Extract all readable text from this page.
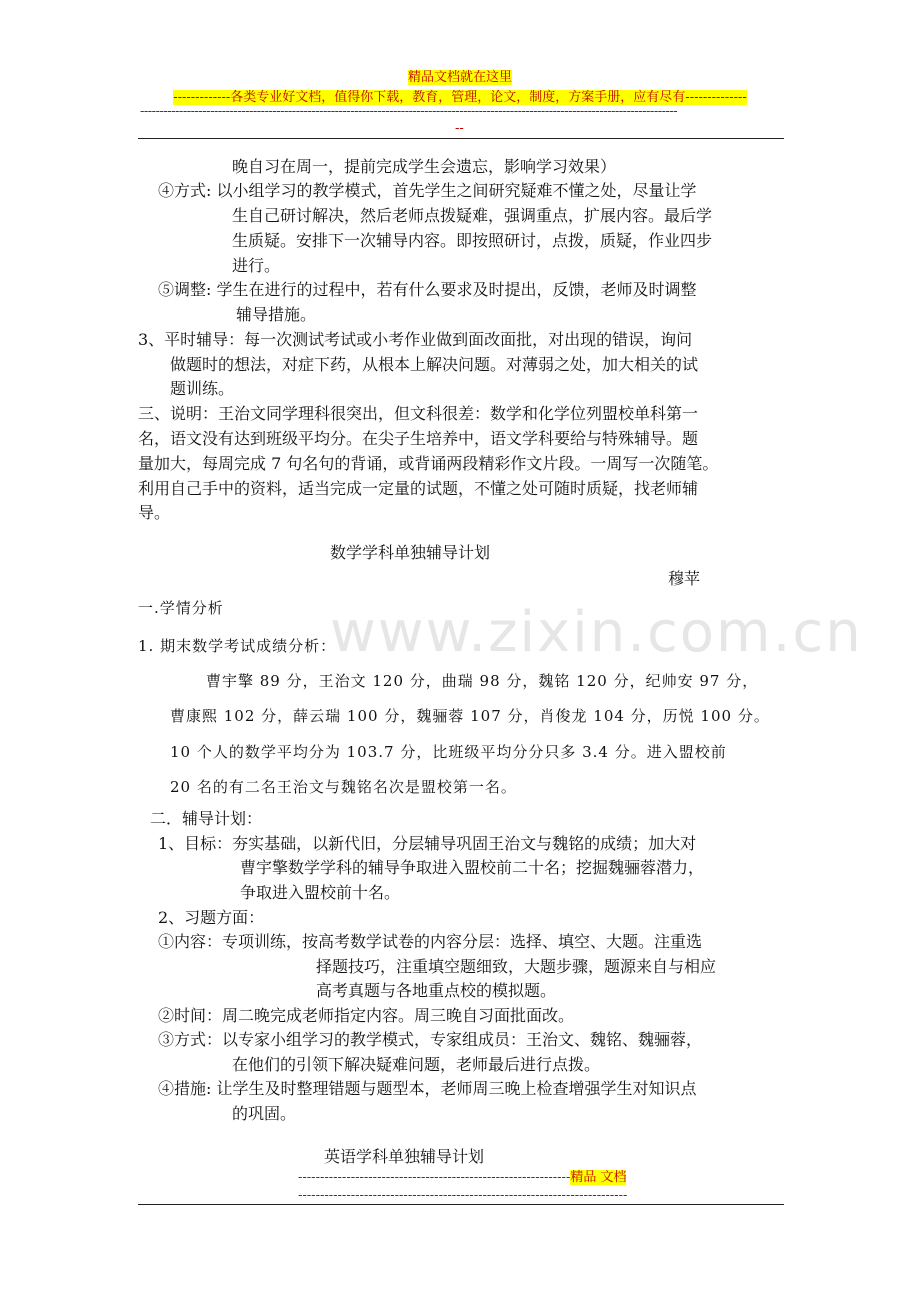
精品文档就在这里
-------------各类专业好文档，值得你下载，教育，管理，论文，制度，方案手册，应有尽有--------------
------------------------------------------------------------------------------------------------------------------------------------------
--
www.zixin.com.cn
晚自习在周一，提前完成学生会遗忘，影响学习效果）
④方式: 以小组学习的教学模式，首先学生之间研究疑难不懂之处，尽量让学
生自己研讨解决，然后老师点拨疑难，强调重点，扩展内容。最后学
生质疑。安排下一次辅导内容。即按照研讨，点拨，质疑，作业四步
进行。
⑤调整: 学生在进行的过程中，若有什么要求及时提出，反馈，老师及时调整
辅导措施。
3、平时辅导：每一次测试考试或小考作业做到面改面批，对出现的错误，询问
做题时的想法，对症下药，从根本上解决问题。对薄弱之处，加大相关的试
题训练。
三、说明：王治文同学理科很突出，但文科很差：数学和化学位列盟校单科第一
名，语文没有达到班级平均分。在尖子生培养中，语文学科要给与特殊辅导。题
量加大，每周完成 7 句名句的背诵，或背诵两段精彩作文片段。一周写一次随笔。
利用自己手中的资料，适当完成一定量的试题，不懂之处可随时质疑，找老师辅
导。
数学学科单独辅导计划
穆苹
一.学情分析
1. 期末数学考试成绩分析：
曹宇擎 89 分，王治文 120 分，曲瑞 98 分，魏铭 120 分，纪帅安 97 分，
曹康熙 102 分，薛云瑞 100 分，魏骊蓉 107 分，肖俊龙 104 分，历悦 100 分。
10 个人的数学平均分为 103.7 分，比班级平均分分只多 3.4 分。进入盟校前
20 名的有二名王治文与魏铭名次是盟校第一名。
二．辅导计划：
1、目标：夯实基础，以新代旧，分层辅导巩固王治文与魏铭的成绩；加大对
曹宇擎数学学科的辅导争取进入盟校前二十名；挖掘魏骊蓉潜力，
争取进入盟校前十名。
2、习题方面：
①内容：专项训练，按高考数学试卷的内容分层：选择、填空、大题。注重选
择题技巧，注重填空题细致，大题步骤，题源来自与相应
高考真题与各地重点校的模拟题。
②时间：周二晚完成老师指定内容。周三晚自习面批面改。
③方式：以专家小组学习的教学模式，专家组成员：王治文、魏铭、魏骊蓉，
在他们的引领下解决疑难问题，老师最后进行点拨。
④措施: 让学生及时整理错题与题型本，老师周三晚上检查增强学生对知识点
的巩固。
英语学科单独辅导计划
--------------------------------------------------------------精品 文档
---------------------------------------------------------------------------
